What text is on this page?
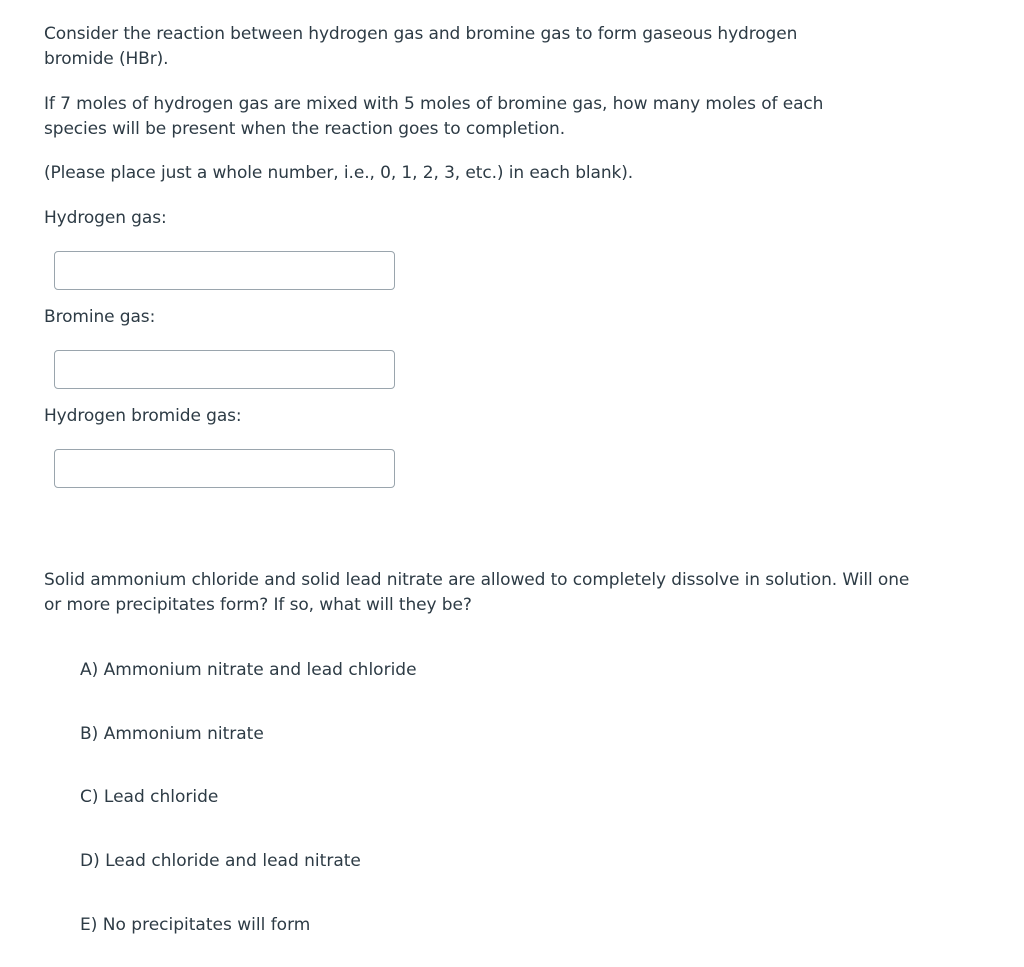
Consider the reaction between hydrogen gas and bromine gas to form gaseous hydrogen bromide (HBr).

If 7 moles of hydrogen gas are mixed with 5 moles of bromine gas, how many moles of each species will be present when the reaction goes to completion.

(Please place just a whole number, i.e., 0, 1, 2, 3, etc.) in each blank).

Hydrogen gas:

Bromine gas:

Hydrogen bromide gas:

Solid ammonium chloride and solid lead nitrate are allowed to completely dissolve in solution. Will one or more precipitates form? If so, what will they be?

A) Ammonium nitrate and lead chloride

B) Ammonium nitrate

C) Lead chloride

D) Lead chloride and lead nitrate

E) No precipitates will form
